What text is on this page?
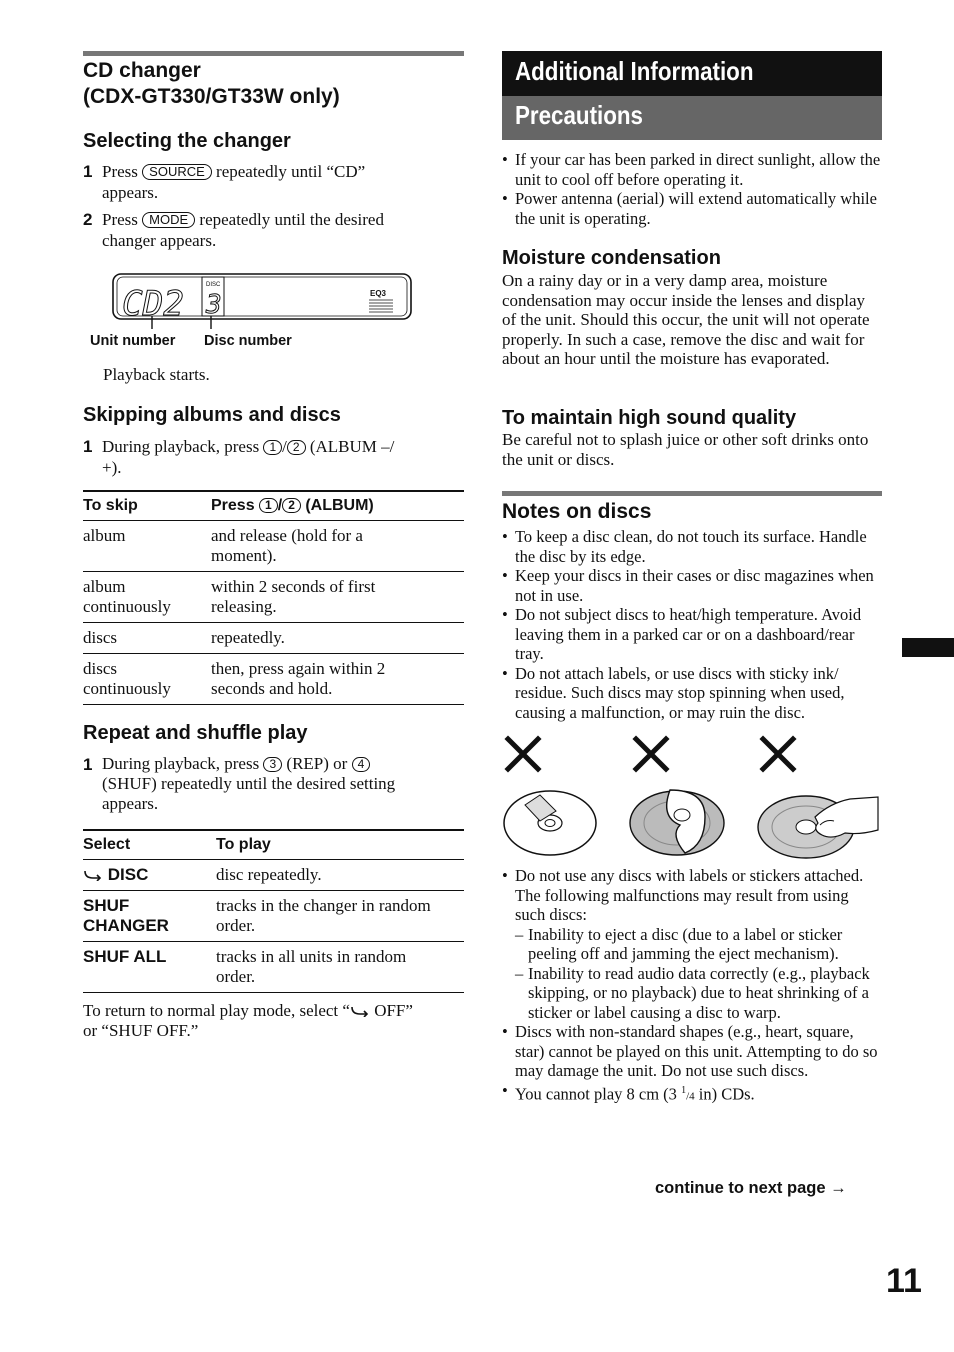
CD changer
(CDX-GT330/GT33W only)
Selecting the changer
1 Press SOURCE repeatedly until “CD”
appears.
2 Press MODE repeatedly until the desired
changer appears.
CD2	DISC
3	EQ3
Unit number Disc number
Playback starts.
Skipping albums and discs
1 During playback, press 1 / 2 (ALBUM –/
+).
To skip	Press 1 / 2 (ALBUM)
album	and release (hold for a
moment).
album
continuously	within 2 seconds of first
releasing.
discs	repeatedly.
discs
continuously	then, press again within 2
seconds and hold.
Repeat and shuffle play
1 During playback, press 3 (REP) or 4
(SHUF) repeatedly until the desired setting
appears.
Select	To play
DISC	disc repeatedly.
SHUF
CHANGER	tracks in the changer in random
order.
SHUF ALL	tracks in all units in random
order.
To return to normal play mode, select “ OFF”
or “SHUF OFF.”
Additional Information
Precautions
• If your car has been parked in direct sunlight, allow the unit to cool off before operating it.
• Power antenna (aerial) will extend automatically while the unit is operating.
Moisture condensation
On a rainy day or in a very damp area, moisture condensation may occur inside the lenses and display of the unit. Should this occur, the unit will not operate properly. In such a case, remove the disc and wait for about an hour until the moisture has evaporated.
To maintain high sound quality
Be careful not to splash juice or other soft drinks onto the unit or discs.
Notes on discs
• To keep a disc clean, do not touch its surface. Handle the disc by its edge.
• Keep your discs in their cases or disc magazines when not in use.
• Do not subject discs to heat/high temperature. Avoid leaving them in a parked car or on a dashboard/rear tray.
• Do not attach labels, or use discs with sticky ink/ residue. Such discs may stop spinning when used, causing a malfunction, or may ruin the disc.
• Do not use any discs with labels or stickers attached.
The following malfunctions may result from using such discs:
– Inability to eject a disc (due to a label or sticker peeling off and jamming the eject mechanism).
– Inability to read audio data correctly (e.g., playback skipping, or no playback) due to heat shrinking of a sticker or label causing a disc to warp.
• Discs with non-standard shapes (e.g., heart, square, star) cannot be played on this unit. Attempting to do so may damage the unit. Do not use such discs.
• You cannot play 8 cm (3 $^1$/4 in) CDs.
continue to next page →
11
